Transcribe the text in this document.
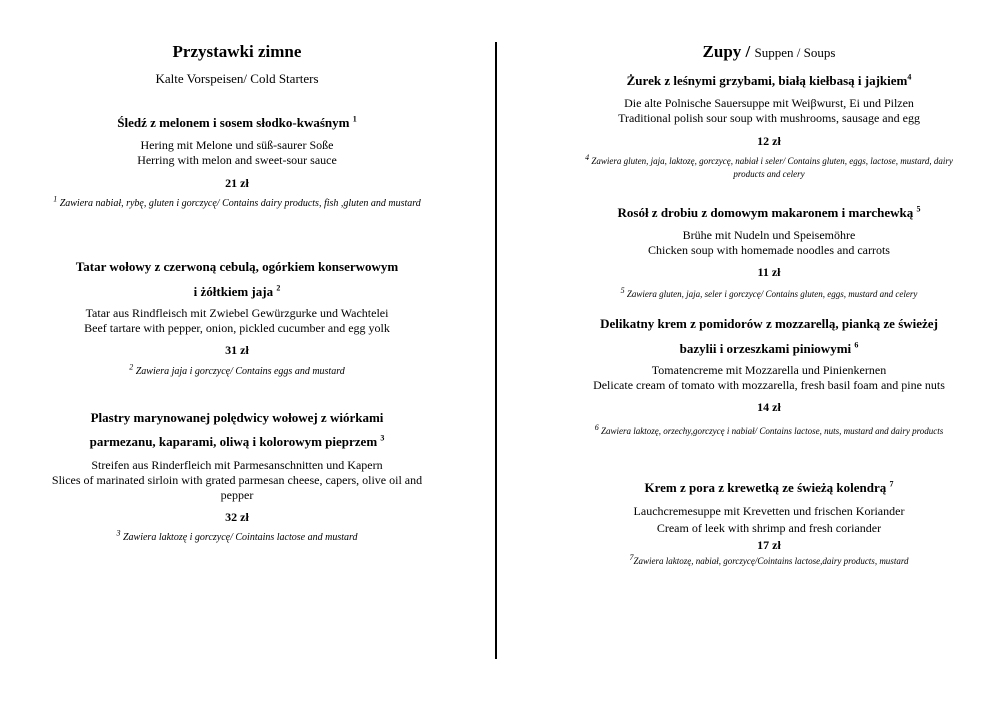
Przystawki zimne
Kalte Vorspeisen/ Cold Starters
Śledź z melonem i sosem słodko-kwaśnym $^1$
Hering mit Melone und süß-saurer Soße
Herring with melon and sweet-sour sauce
21 zł
$^1$ Zawiera nabiał, rybę, gluten i gorczycę/ Contains dairy products, fish ,gluten and mustard
Tatar wołowy z czerwoną cebulą, ogórkiem konserwowym
i żółtkiem jaja $^2$
Tatar aus Rindfleisch mit Zwiebel Gewürzgurke und Wachtelei
Beef tartare with pepper, onion, pickled cucumber and egg yolk
31 zł
$^2$ Zawiera jaja i gorczycę/ Contains eggs and mustard
Plastry marynowanej polędwicy wołowej z wiórkami
parmezanu, kaparami, oliwą i kolorowym pieprzem $^3$
Streifen aus Rinderfleich mit Parmesanschnitten und Kapern
Slices of marinated sirloin with grated parmesan cheese, capers, olive oil and pepper
32 zł
$^3$ Zawiera laktozę i gorczycę/ Cointains lactose and mustard
Zupy / Suppen / Soups
Żurek z leśnymi grzybami, białą kiełbasą i jajkiem$^4$
Die alte Polnische Sauersuppe mit Weiβwurst, Ei und Pilzen
Traditional polish sour soup with mushrooms, sausage and egg
12 zł
$^4$ Zawiera gluten, jaja, laktozę, gorczycę, nabiał i seler/ Contains gluten, eggs, lactose, mustard, dairy products and celery
Rosół z drobiu z domowym makaronem i marchewką $^5$
Brühe mit Nudeln und Speisemöhre
Chicken soup with homemade noodles and carrots
11 zł
$^5$ Zawiera gluten, jaja, seler i gorczycę/ Contains gluten, eggs, mustard and celery
Delikatny krem z pomidorów z mozzarellą, pianką ze świeżej
bazylii i orzeszkami piniowymi $^6$
Tomatencreme mit Mozzarella und Pinienkernen
Delicate cream of tomato with mozzarella, fresh basil foam and pine nuts
14 zł
$^6$ Zawiera laktozę, orzechy,gorczycę i nabiał/ Contains lactose, nuts, mustard and dairy products
Krem z pora z krewetką ze świeżą kolendrą $^7$
Lauchcremesuppe mit Krevetten und frischen Koriander
Cream of leek with shrimp and fresh coriander
17 zł
$^7$Zawiera laktozę, nabiał, gorczycę/Cointains lactose,dairy products, mustard
